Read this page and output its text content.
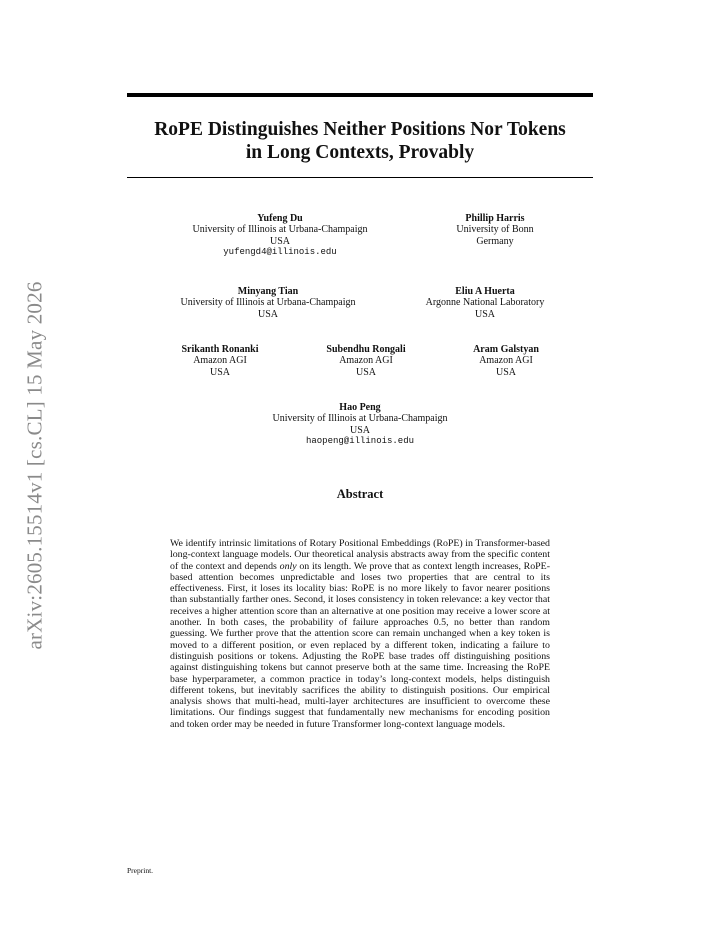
arXiv:2605.15514v1 [cs.CL] 15 May 2026
RoPE Distinguishes Neither Positions Nor Tokens
in Long Contexts, Provably
Yufeng Du
University of Illinois at Urbana-Champaign
USA
yufengd4@illinois.edu
Phillip Harris
University of Bonn
Germany
Minyang Tian
University of Illinois at Urbana-Champaign
USA
Eliu A Huerta
Argonne National Laboratory
USA
Srikanth Ronanki
Amazon AGI
USA
Subendhu Rongali
Amazon AGI
USA
Aram Galstyan
Amazon AGI
USA
Hao Peng
University of Illinois at Urbana-Champaign
USA
haopeng@illinois.edu
Abstract
We identify intrinsic limitations of Rotary Positional Embeddings (RoPE) in Transformer-based long-context language models. Our theoretical analysis abstracts away from the specific content of the context and depends only on its length. We prove that as context length increases, RoPE-based attention becomes unpredictable and loses two properties that are central to its effectiveness. First, it loses its locality bias: RoPE is no more likely to favor nearer positions than substantially farther ones. Second, it loses consistency in token relevance: a key vector that receives a higher attention score than an alternative at one position may receive a lower score at another. In both cases, the probability of failure approaches 0.5, no better than random guessing. We further prove that the attention score can remain unchanged when a key token is moved to a different position, or even replaced by a different token, indicating a failure to distinguish positions or tokens. Adjusting the RoPE base trades off distinguishing positions against distinguishing tokens but cannot preserve both at the same time. Increasing the RoPE base hyperparameter, a common practice in today’s long-context models, helps distinguish different tokens, but inevitably sacrifices the ability to distinguish positions. Our empirical analysis shows that multi-head, multi-layer architectures are insufficient to overcome these limitations. Our findings suggest that fundamentally new mechanisms for encoding position and token order may be needed in future Transformer long-context language models.
Preprint.
